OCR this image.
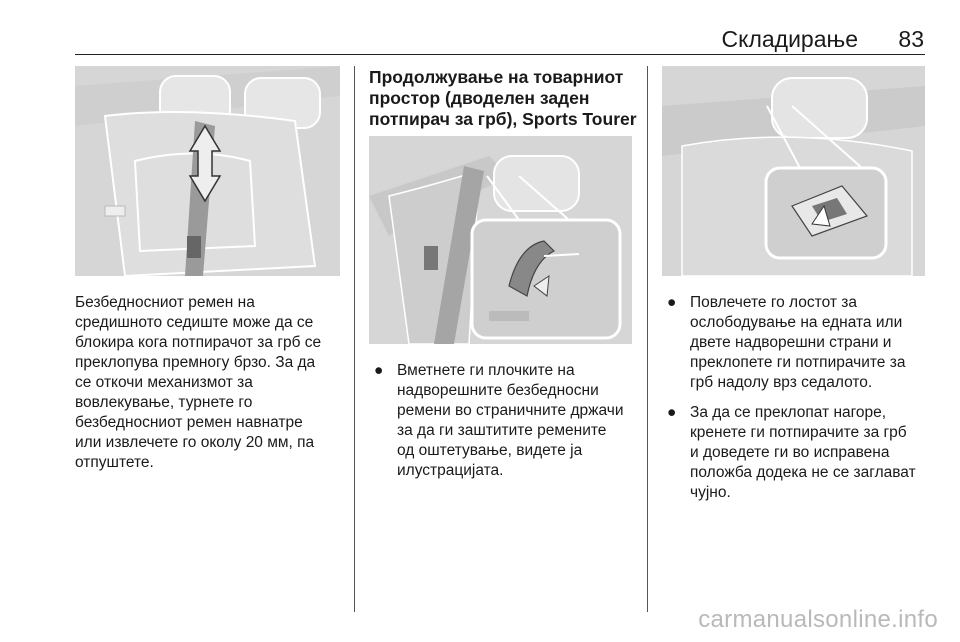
Складирање 83
Безбедносниот ремен на
средишното седиште може да се
блокира кога потпирачот за грб се
преклопува премногу брзо. За да
се откочи механизмот за
вовлекување, турнете го
безбедносниот ремен навнатре
или извлечете го околу 20 мм, па
отпуштете.
Продолжување на товарниот
простор (дводелен заден
потпирач за грб), Sports Tourer
● Вметнете ги плочките на
надворешните безбедносни
ремени во страничните држачи
за да ги заштитите ремените
од оштетување, видете ја
илустрацијата.
● Повлечете го лостот за
ослободување на едната или
двете надворешни страни и
преклопете ги потпирачите за
грб надолу врз седалото.
● За да се преклопат нагоре,
кренете ги потпирачите за грб
и доведете ги во исправена
положба додека не се заглават
чујно.
carmanualsonline.info
